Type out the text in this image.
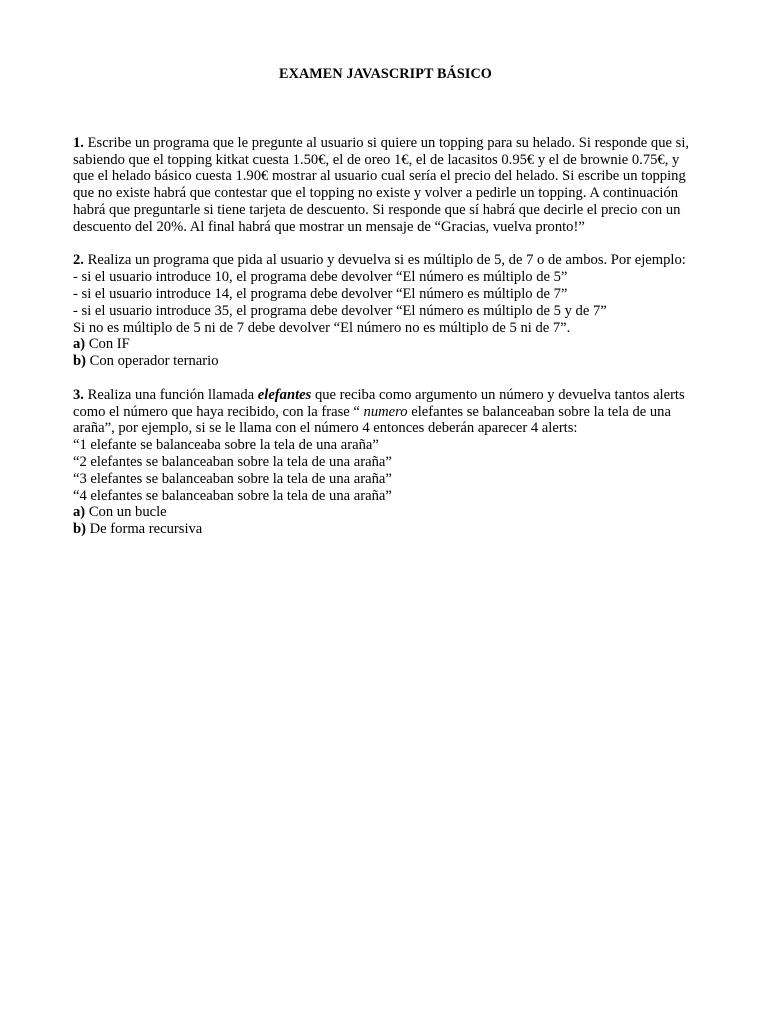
EXAMEN JAVASCRIPT BÁSICO

1. Escribe un programa que le pregunte al usuario si quiere un topping para su helado. Si responde que si, sabiendo que el topping kitkat cuesta 1.50€, el de oreo 1€, el de lacasitos 0.95€ y el de brownie 0.75€, y que el helado básico cuesta 1.90€ mostrar al usuario cual sería el precio del helado. Si escribe un topping que no existe habrá que contestar que el topping no existe y volver a pedirle un topping. A continuación habrá que preguntarle si tiene tarjeta de descuento. Si responde que sí habrá que decirle el precio con un descuento del 20%. Al final habrá que mostrar un mensaje de “Gracias, vuelva pronto!”

2. Realiza un programa que pida al usuario y devuelva si es múltiplo de 5, de 7 o de ambos. Por ejemplo:

- si el usuario introduce 10, el programa debe devolver “El número es múltiplo de 5”
- si el usuario introduce 14, el programa debe devolver “El número es múltiplo de 7”
- si el usuario introduce 35, el programa debe devolver “El número es múltiplo de 5 y de 7”
Si no es múltiplo de 5 ni de 7 debe devolver “El número no es múltiplo de 5 ni de 7”.
a) Con IF
b) Con operador ternario

3. Realiza una función llamada elefantes que reciba como argumento un número y devuelva tantos alerts como el número que haya recibido, con la frase “ numero elefantes se balanceaban sobre la tela de una araña”, por ejemplo, si se le llama con el número 4 entonces deberán aparecer 4 alerts:

“1 elefante se balanceaba sobre la tela de una araña”
“2 elefantes se balanceaban sobre la tela de una araña”
“3 elefantes se balanceaban sobre la tela de una araña”
“4 elefantes se balanceaban sobre la tela de una araña”
a) Con un bucle
b) De forma recursiva
